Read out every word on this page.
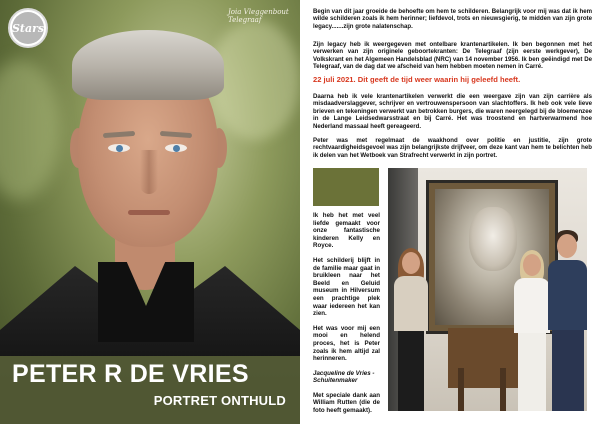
Stars
Joia Vleggenbout
Telegraaf
PETER R DE VRIES
PORTRET ONTHULD

Begin van dit jaar groeide de behoefte om hem te schilderen. Belangrijk voor mij was dat ik hem wilde schilderen zoals ik hem herinner; liefdevol, trots en nieuwsgierig, te midden van zijn grote legacy.......zijn grote nalatenschap.

Zijn legacy heb ik weergegeven met ontelbare krantenartikelen. Ik ben begonnen met het verwerken van zijn originele geboortekranten: De Telegraaf (zijn eerste werkgever), De Volkskrant en het Algemeen Handelsblad (NRC) van 14 november 1956. Ik ben geëindigd met De Telegraaf, van de dag dat we afscheid van hem hebben moeten nemen in Carré.

22 juli 2021. Dit geeft de tijd weer waarin hij geleefd heeft.

Daarna heb ik vele krantenartikelen verwerkt die een weergave zijn van zijn carrière als misdaadverslaggever, schrijver en vertrouwenspersoon van slachtoffers. Ik heb ook vele lieve brieven en tekeningen verwerkt van betrokken burgers, die waren neergelegd bij de bloemenzee in de Lange Leidsedwarsstraat en bij Carré. Het was troostend en hartverwarmend hoe Nederland massaal heeft gereageerd.

Peter was met regelmaat de waakhond over politie en justitie, zijn grote rechtvaardigheidsgevoel was zijn belangrijkste drijfveer, om deze kant van hem te belichten heb ik delen van het Wetboek van Strafrecht verwerkt in zijn portret.

Ik heb het met veel liefde gemaakt voor onze fantastische kinderen Kelly en Royce.

Het schilderij blijft in de familie maar gaat in bruikleen naar het Beeld en Geluid museum in Hilversum een prachtige plek waar iedereen het kan zien.

Het was voor mij een mooi en helend proces, het is Peter zoals ik hem altijd zal herinneren.

Jacqueline de Vries -Schuitenmaker

Met speciale dank aan William Rutten (die de foto heeft gemaakt).
